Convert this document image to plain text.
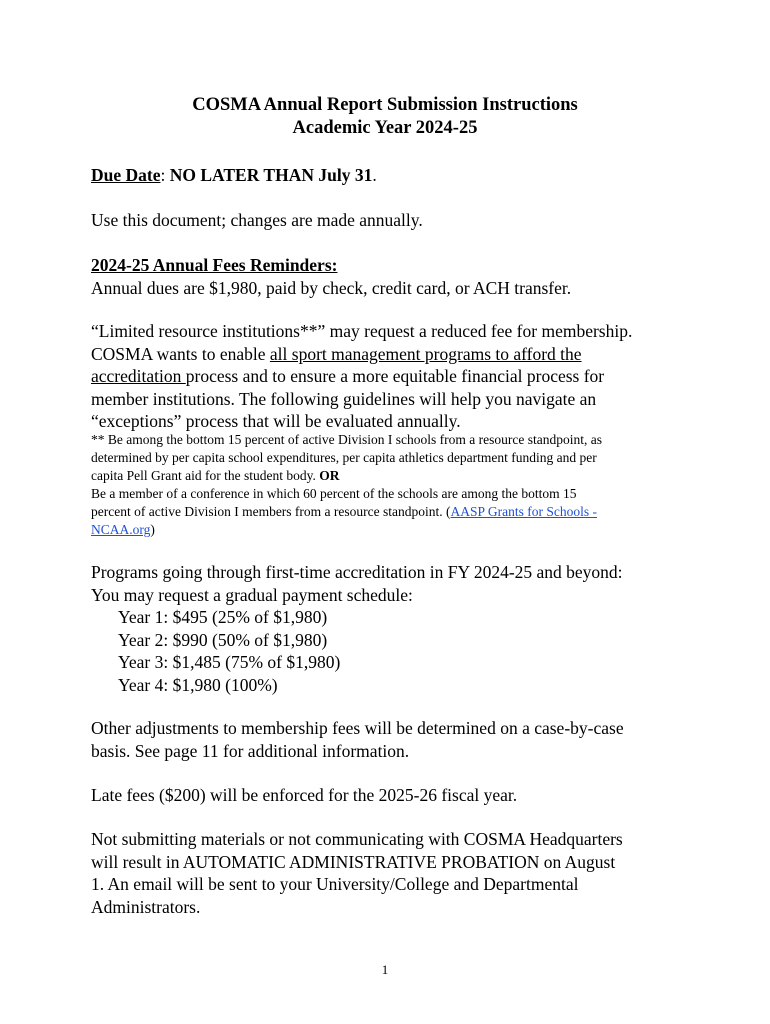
COSMA Annual Report Submission Instructions
Academic Year 2024-25
Due Date: NO LATER THAN July 31.
Use this document; changes are made annually.
2024-25 Annual Fees Reminders:
Annual dues are $1,980, paid by check, credit card, or ACH transfer.
“Limited resource institutions**” may request a reduced fee for membership.
COSMA wants to enable all sport management programs to afford the
accreditation process and to ensure a more equitable financial process for
member institutions. The following guidelines will help you navigate an
“exceptions” process that will be evaluated annually.
** Be among the bottom 15 percent of active Division I schools from a resource standpoint, as
determined by per capita school expenditures, per capita athletics department funding and per
capita Pell Grant aid for the student body. OR
Be a member of a conference in which 60 percent of the schools are among the bottom 15
percent of active Division I members from a resource standpoint. (AASP Grants for Schools -
NCAA.org)
Programs going through first-time accreditation in FY 2024-25 and beyond:
You may request a gradual payment schedule:
Year 1: $495 (25% of $1,980)
Year 2: $990 (50% of $1,980)
Year 3: $1,485 (75% of $1,980)
Year 4: $1,980 (100%)
Other adjustments to membership fees will be determined on a case-by-case
basis. See page 11 for additional information.
Late fees ($200) will be enforced for the 2025-26 fiscal year.
Not submitting materials or not communicating with COSMA Headquarters
will result in AUTOMATIC ADMINISTRATIVE PROBATION on August
1. An email will be sent to your University/College and Departmental
Administrators.
1
